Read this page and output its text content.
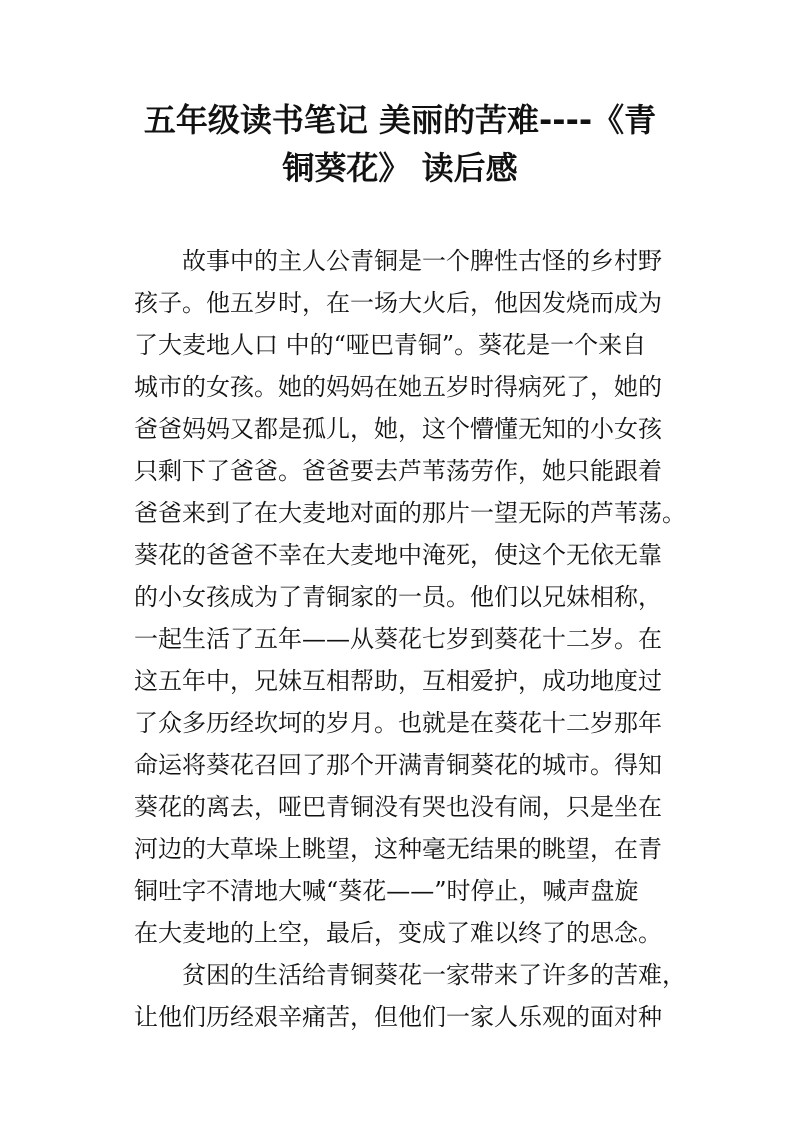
五年级读书笔记 美丽的苦难----《青
铜葵花》 读后感
故事中的主人公青铜是一个脾性古怪的乡村野
孩子。他五岁时，在一场大火后，他因发烧而成为
了大麦地人口 中的“哑巴青铜”。葵花是一个来自
城市的女孩。她的妈妈在她五岁时得病死了，她的
爸爸妈妈又都是孤儿，她，这个懵懂无知的小女孩
只剩下了爸爸。爸爸要去芦苇荡劳作，她只能跟着
爸爸来到了在大麦地对面的那片一望无际的芦苇荡。
葵花的爸爸不幸在大麦地中淹死，使这个无依无靠
的小女孩成为了青铜家的一员。他们以兄妹相称，
一起生活了五年——从葵花七岁到葵花十二岁。在
这五年中，兄妹互相帮助，互相爱护，成功地度过
了众多历经坎坷的岁月。也就是在葵花十二岁那年
命运将葵花召回了那个开满青铜葵花的城市。得知
葵花的离去，哑巴青铜没有哭也没有闹，只是坐在
河边的大草垛上眺望，这种毫无结果的眺望，在青
铜吐字不清地大喊“葵花——”时停止，喊声盘旋
在大麦地的上空，最后，变成了难以终了的思念。
贫困的生活给青铜葵花一家带来了许多的苦难，
让他们历经艰辛痛苦，但他们一家人乐观的面对种
